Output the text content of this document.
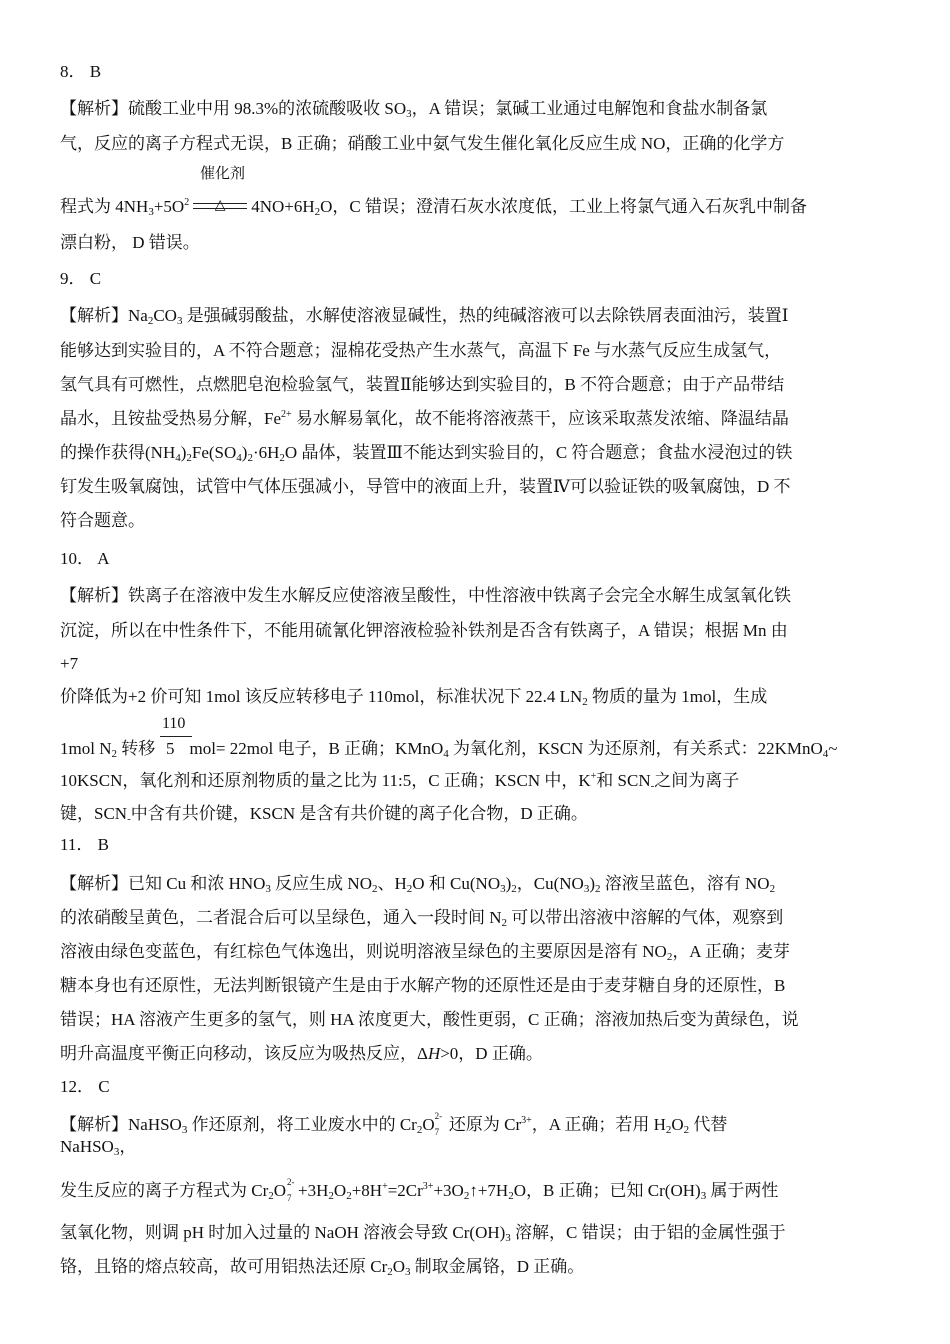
8． B
【解析】硫酸工业中用 98.3%的浓硫酸吸收 $SO_3$，A 错误；氯碱工业通过电解饱和食盐水制备氯
气，反应的离子方程式无误，B 正确；硝酸工业中氨气发生催化氧化反应生成 NO，正确的化学方
催化剂
程式为 $4NH_3+5O^2$ △ $4NO+6H_2O$，C 错误；澄清石灰水浓度低，工业上将氯气通入石灰乳中制备
漂白粉， D 错误。
9． C
【解析】$Na_2CO_3$ 是强碱弱酸盐，水解使溶液显碱性，热的纯碱溶液可以去除铁屑表面油污，装置Ⅰ
能够达到实验目的，A 不符合题意；湿棉花受热产生水蒸气，高温下 Fe 与水蒸气反应生成氢气，
氢气具有可燃性，点燃肥皂泡检验氢气，装置Ⅱ能够达到实验目的，B 不符合题意；由于产品带结
晶水，且铵盐受热易分解，$Fe^{2+}$ 易水解易氧化，故不能将溶液蒸干，应该采取蒸发浓缩、降温结晶
的操作获得$(NH_4)_2Fe(SO_4)_2\cdot 6H_2O$ 晶体，装置Ⅲ不能达到实验目的，C 符合题意；食盐水浸泡过的铁
钉发生吸氧腐蚀，试管中气体压强减小，导管中的液面上升，装置Ⅳ可以验证铁的吸氧腐蚀，D 不
符合题意。
10． A
【解析】铁离子在溶液中发生水解反应使溶液呈酸性，中性溶液中铁离子会完全水解生成氢氧化铁
沉淀，所以在中性条件下，不能用硫氰化钾溶液检验补铁剂是否含有铁离子，A 错误；根据 Mn 由
+7
价降低为+2 价可知 1mol 该反应转移电子 110mol，标准状况下 22.4 $LN_2$ 物质的量为 1mol，生成
110
1mol $N_2$ 转移 5 mol= 22mol 电子，B 正确；KMnO$_4$ 为氧化剂，KSCN 为还原剂，有关系式：22KMnO$_4$~
10KSCN，氧化剂和还原剂物质的量之比为 11:5，C 正确；KSCN 中，K+和 $SCN_-$之间为离子
键，$SCN_-$中含有共价键，KSCN 是含有共价键的离子化合物，D 正确。
11． B
【解析】已知 Cu 和浓 $HNO_3$ 反应生成 $NO_2$、$H_2O$ 和 $Cu(NO_3)_2$，$Cu(NO_3)_2$ 溶液呈蓝色，溶有 $NO_2$
的浓硝酸呈黄色，二者混合后可以呈绿色，通入一段时间 $N_2$ 可以带出溶液中溶解的气体，观察到
溶液由绿色变蓝色，有红棕色气体逸出，则说明溶液呈绿色的主要原因是溶有 $NO_2$，A 正确；麦芽
糖本身也有还原性，无法判断银镜产生是由于水解产物的还原性还是由于麦芽糖自身的还原性，B
错误；HA 溶液产生更多的氢气，则 HA 浓度更大，酸性更弱，C 正确；溶液加热后变为黄绿色，说
明升高温度平衡正向移动，该反应为吸热反应，ΔH>0，D 正确。
12． C
【解析】NaHSO$_3$ 作还原剂，将工业废水中的 $Cr_2O$ 2-
7 还原为 $Cr^{3+}$，A 正确；若用 $H_2O_2$ 代替
NaHSO$_3$，
发生反应的离子方程式为 $Cr_2O$ 2-
$7 +3H_2O_2+8H^+=2Cr^{3+}+3O_2↑+7H_2O$，B 正确；已知 $Cr(OH)_3$ 属于两性
氢氧化物，则调 pH 时加入过量的 NaOH 溶液会导致 $Cr(OH)_3$ 溶解，C 错误；由于铝的金属性强于
铬，且铬的熔点较高，故可用铝热法还原 $Cr_2O_3$ 制取金属铬，D 正确。
